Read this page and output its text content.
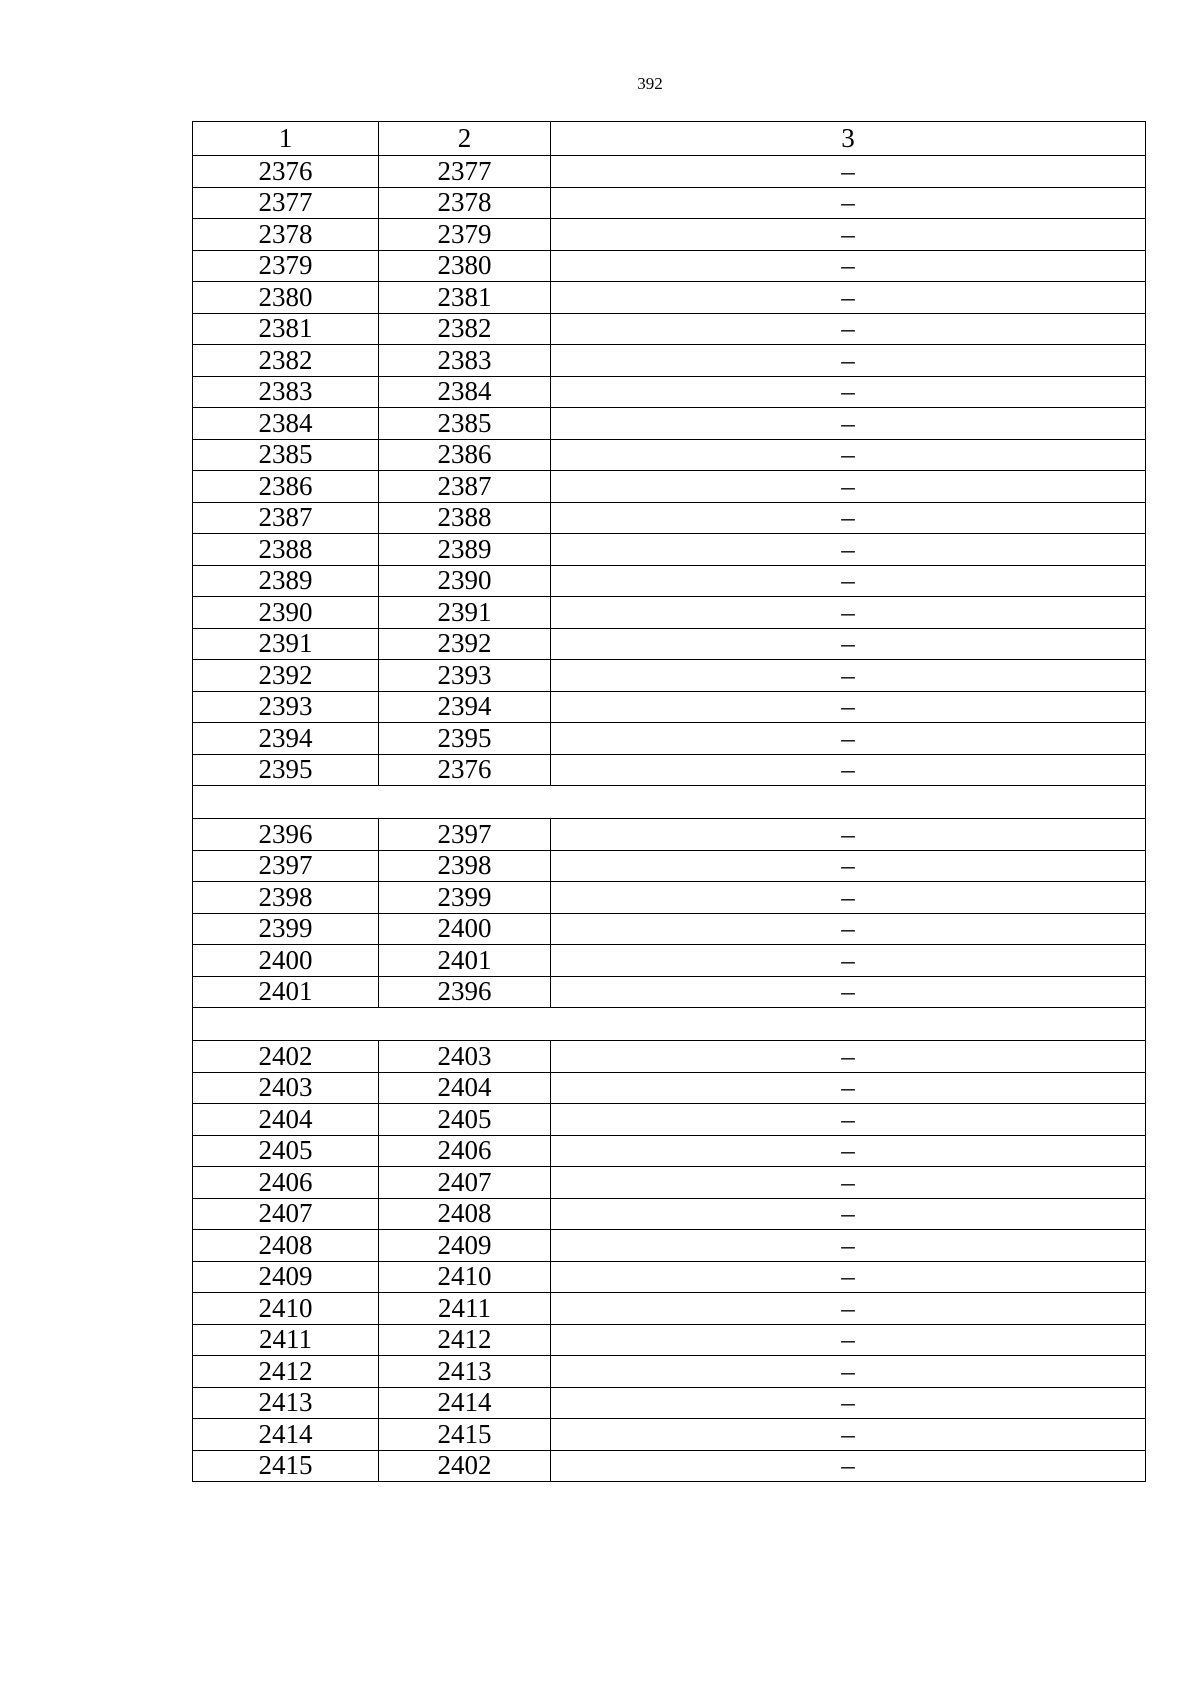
392
1	2	3
2376	2377	–
2377	2378	–
2378	2379	–
2379	2380	–
2380	2381	–
2381	2382	–
2382	2383	–
2383	2384	–
2384	2385	–
2385	2386	–
2386	2387	–
2387	2388	–
2388	2389	–
2389	2390	–
2390	2391	–
2391	2392	–
2392	2393	–
2393	2394	–
2394	2395	–
2395	2376	–

2396	2397	–
2397	2398	–
2398	2399	–
2399	2400	–
2400	2401	–
2401	2396	–

2402	2403	–
2403	2404	–
2404	2405	–
2405	2406	–
2406	2407	–
2407	2408	–
2408	2409	–
2409	2410	–
2410	2411	–
2411	2412	–
2412	2413	–
2413	2414	–
2414	2415	–
2415	2402	–
